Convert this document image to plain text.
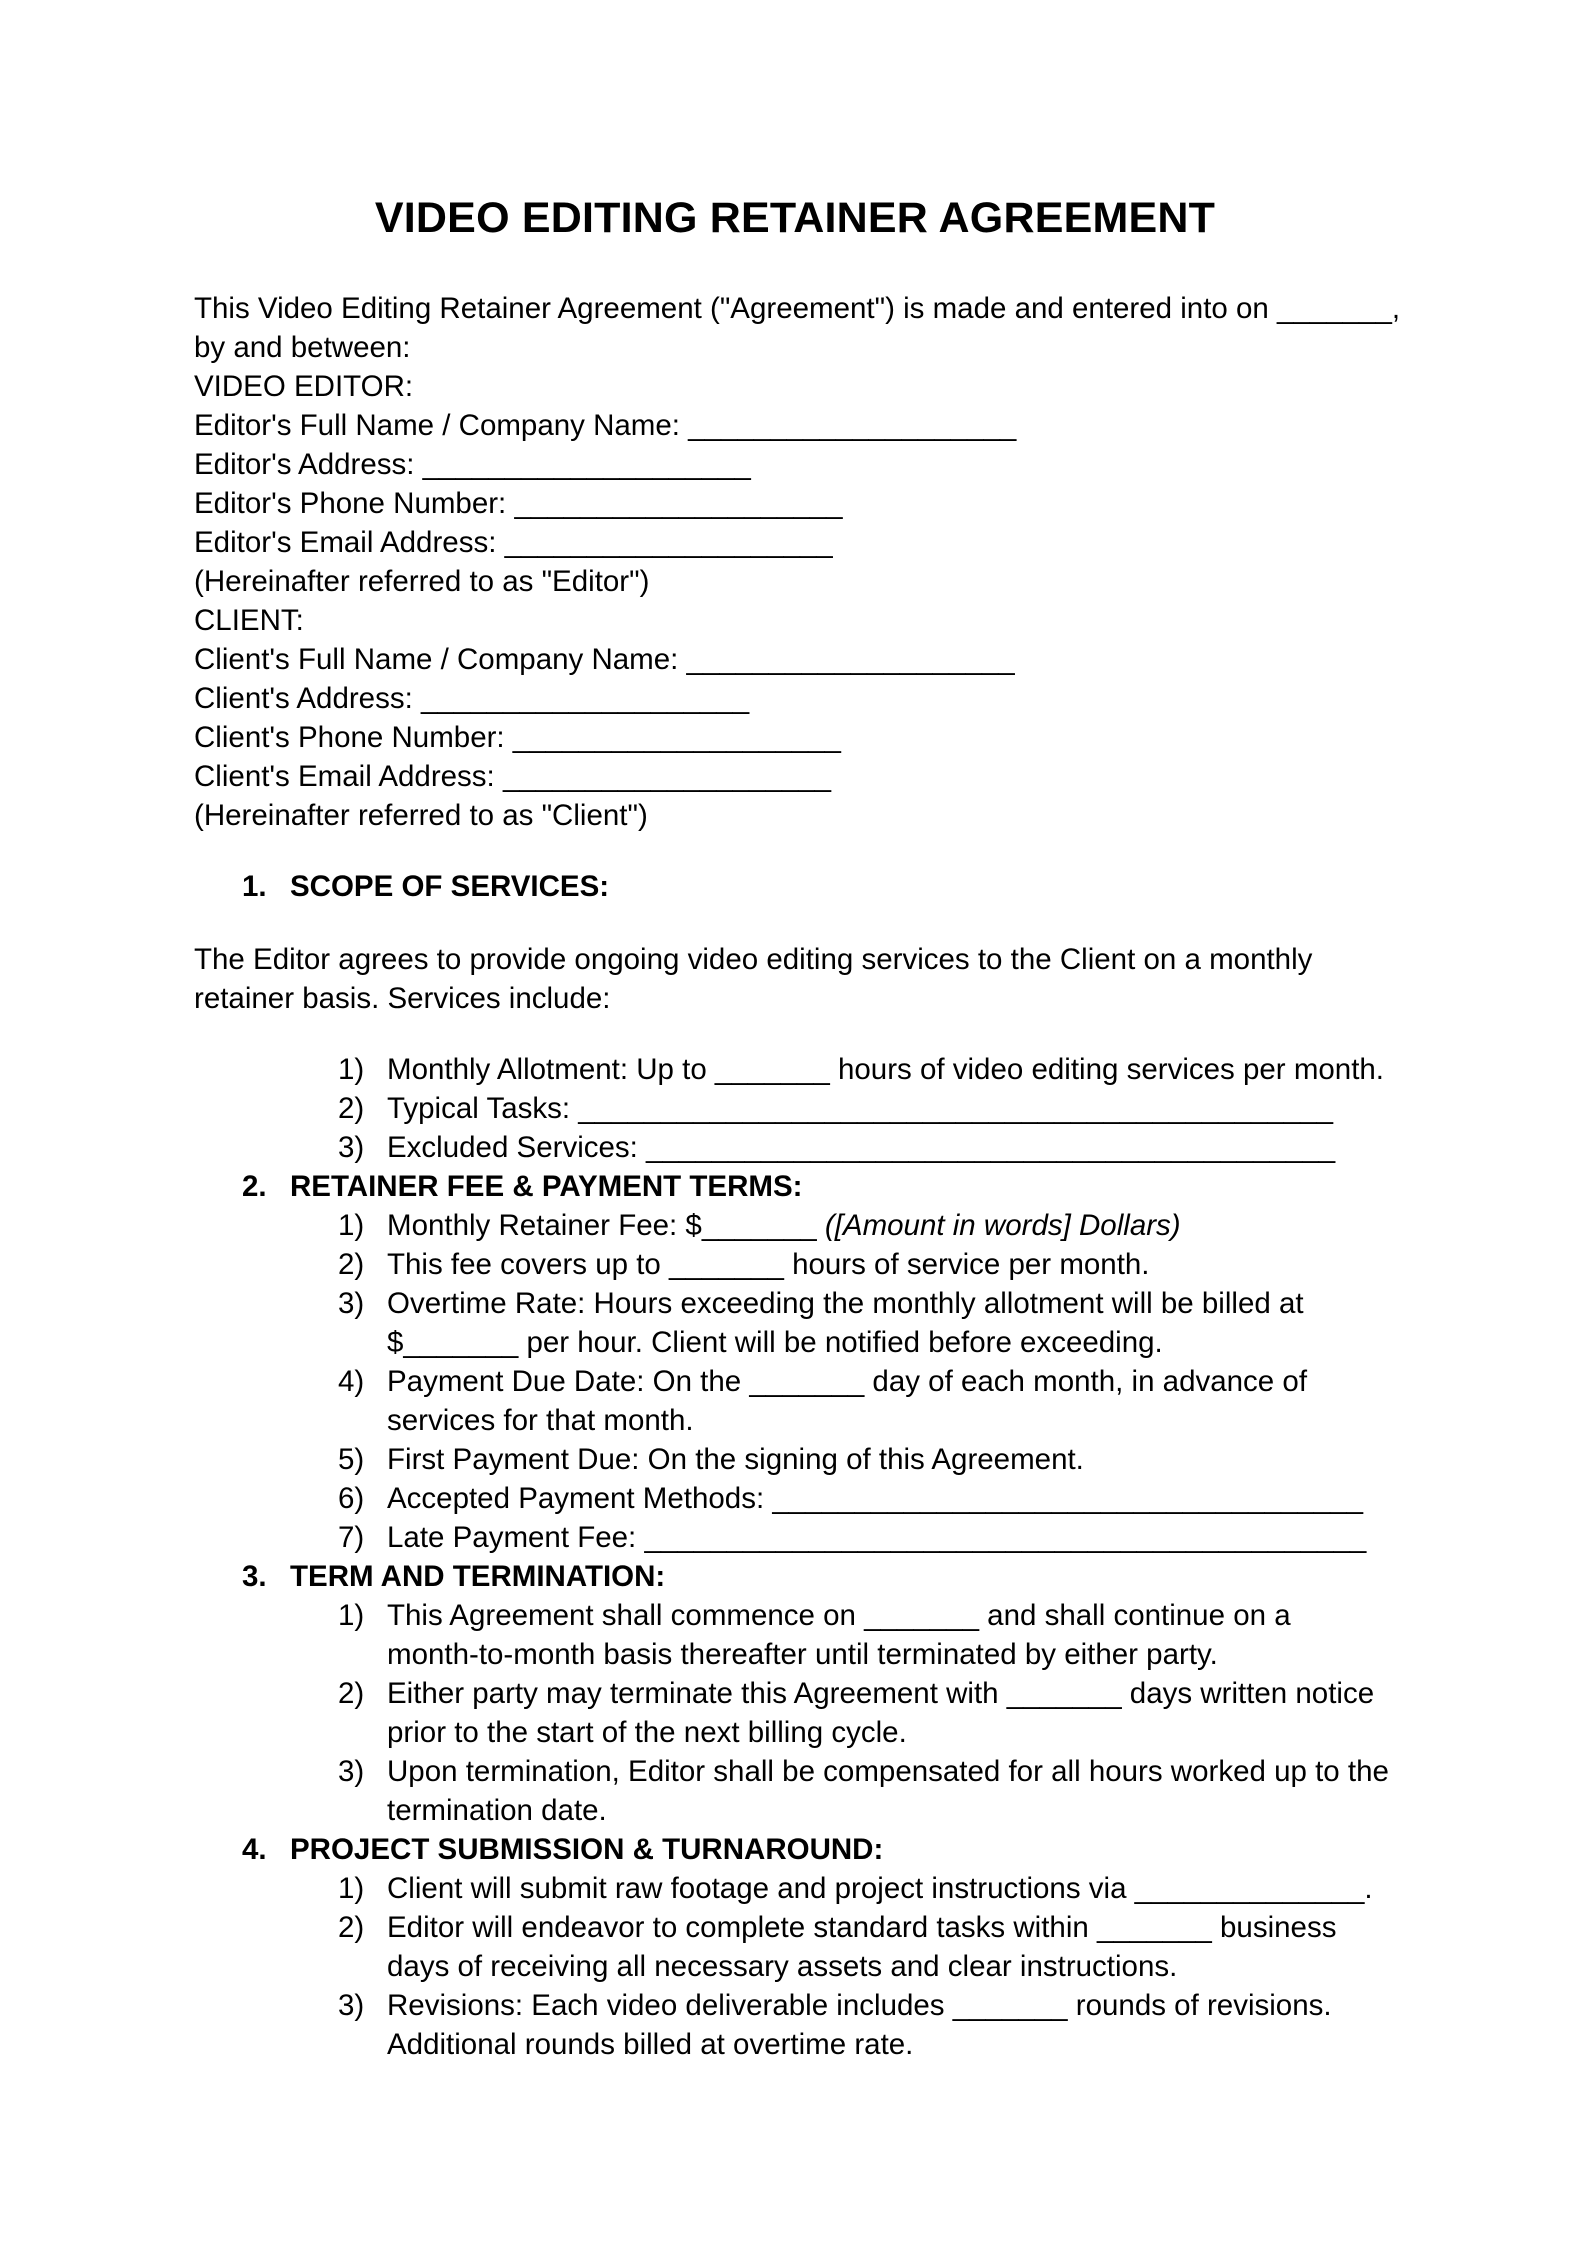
VIDEO EDITING RETAINER AGREEMENT
This Video Editing Retainer Agreement ("Agreement") is made and entered into on _______,
by and between:
VIDEO EDITOR:
Editor's Full Name / Company Name: ____________________
Editor's Address: ____________________
Editor's Phone Number: ____________________
Editor's Email Address: ____________________
(Hereinafter referred to as "Editor")
CLIENT:
Client's Full Name / Company Name: ____________________
Client's Address: ____________________
Client's Phone Number: ____________________
Client's Email Address: ____________________
(Hereinafter referred to as "Client")
1. SCOPE OF SERVICES:
The Editor agrees to provide ongoing video editing services to the Client on a monthly
retainer basis. Services include:
1) Monthly Allotment: Up to _______ hours of video editing services per month.
2) Typical Tasks: ______________________________________________
3) Excluded Services: __________________________________________
2. RETAINER FEE & PAYMENT TERMS:
1) Monthly Retainer Fee: $_______ ([Amount in words] Dollars)
2) This fee covers up to _______ hours of service per month.
3) Overtime Rate: Hours exceeding the monthly allotment will be billed at
$_______ per hour. Client will be notified before exceeding.
4) Payment Due Date: On the _______ day of each month, in advance of
services for that month.
5) First Payment Due: On the signing of this Agreement.
6) Accepted Payment Methods: ____________________________________
7) Late Payment Fee: ____________________________________________
3. TERM AND TERMINATION:
1) This Agreement shall commence on _______ and shall continue on a
month-to-month basis thereafter until terminated by either party.
2) Either party may terminate this Agreement with _______ days written notice
prior to the start of the next billing cycle.
3) Upon termination, Editor shall be compensated for all hours worked up to the
termination date.
4. PROJECT SUBMISSION & TURNAROUND:
1) Client will submit raw footage and project instructions via ______________.
2) Editor will endeavor to complete standard tasks within _______ business
days of receiving all necessary assets and clear instructions.
3) Revisions: Each video deliverable includes _______ rounds of revisions.
Additional rounds billed at overtime rate.
